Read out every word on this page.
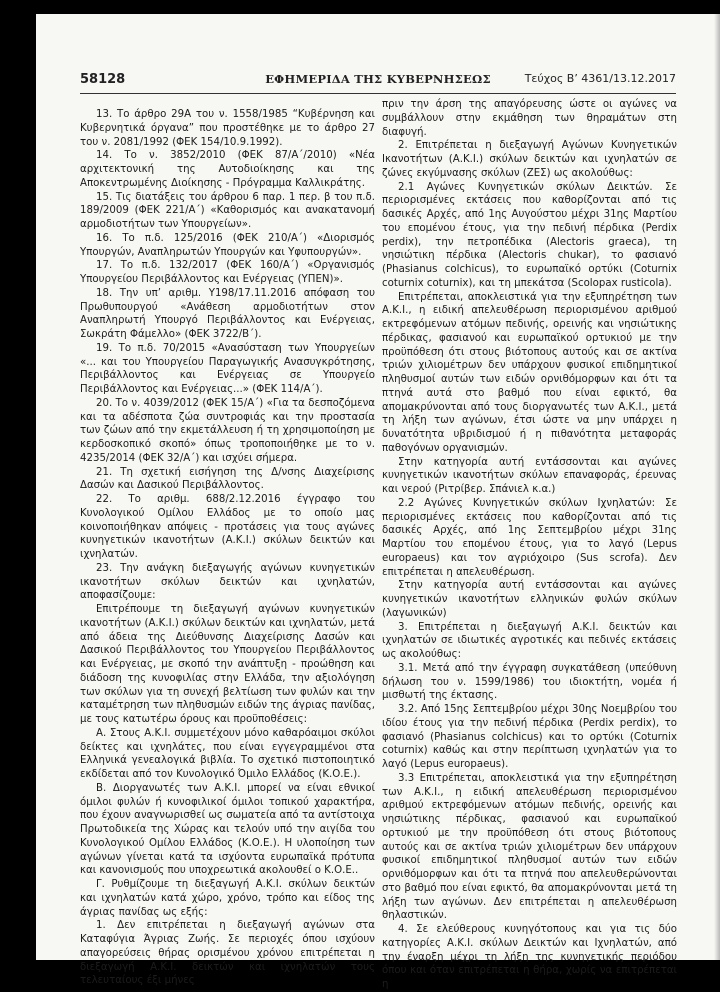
58128	ΕΦΗΜΕΡΙΔΑ ΤΗΣ ΚΥΒΕΡΝΗΣΕΩΣ	Τεύχος Β’ 4361/13.12.2017

13. Το άρθρο 29Α του ν. 1558/1985 “Κυβέρνηση και Κυβερνητικά όργανα” που προστέθηκε με το άρθρο 27 του ν. 2081/1992 (ΦΕΚ 154/10.9.1992).

14. Το ν. 3852/2010 (ΦΕΚ 87/Α΄/2010) «Νέα αρχιτεκτονική της Αυτοδιοίκησης και της Αποκεντρωμένης Διοίκησης - Πρόγραμμα Καλλικράτης.

15. Τις διατάξεις του άρθρου 6 παρ. 1 περ. β του π.δ. 189/2009 (ΦΕΚ 221/Α΄) «Καθορισμός και ανακατανομή αρμοδιοτήτων των Υπουργείων».

16. Το π.δ. 125/2016 (ΦΕΚ 210/Α΄) «Διορισμός Υπουργών, Αναπληρωτών Υπουργών και Υφυπουργών».

17. Το π.δ. 132/2017 (ΦΕΚ 160/Α΄) «Οργανισμός Υπουργείου Περιβάλλοντος και Ενέργειας (ΥΠΕΝ)».

18. Την υπ’ αριθμ. Υ198/17.11.2016 απόφαση του Πρωθυπουργού «Ανάθεση αρμοδιοτήτων στον Αναπληρωτή Υπουργό Περιβάλλοντος και Ενέργειας, Σωκράτη Φάμελλο» (ΦΕΚ 3722/Β΄).

19. Το π.δ. 70/2015 «Ανασύσταση των Υπουργείων «... και του Υπουργείου Παραγωγικής Ανασυγκρότησης, Περιβάλλοντος και Ενέργειας σε Υπουργείο Περιβάλλοντος και Ενέργειας...» (ΦΕΚ 114/Α΄).

20. Το ν. 4039/2012 (ΦΕΚ 15/Α΄) «Για τα δεσποζόμενα και τα αδέσποτα ζώα συντροφιάς και την προστασία των ζώων από την εκμετάλλευση ή τη χρησιμοποίηση με κερδοσκοπικό σκοπό» όπως τροποποιήθηκε με το ν. 4235/2014 (ΦΕΚ 32/Α΄) και ισχύει σήμερα.

21. Τη σχετική εισήγηση της Δ/νσης Διαχείρισης Δασών και Δασικού Περιβάλλοντος.

22. Το αριθμ. 688/2.12.2016 έγγραφο του Κυνολογικού Ομίλου Ελλάδος με το οποίο μας κοινοποιήθηκαν απόψεις - προτάσεις για τους αγώνες κυνηγετικών ικανοτήτων (Α.Κ.Ι.) σκύλων δεικτών και ιχνηλατών.

23. Την ανάγκη διεξαγωγής αγώνων κυνηγετικών ικανοτήτων σκύλων δεικτών και ιχνηλατών, αποφασίζουμε:

Επιτρέπουμε τη διεξαγωγή αγώνων κυνηγετικών ικανοτήτων (Α.Κ.Ι.) σκύλων δεικτών και ιχνηλατών, μετά από άδεια της Διεύθυνσης Διαχείρισης Δασών και Δασικού Περιβάλλοντος του Υπουργείου Περιβάλλοντος και Ενέργειας, με σκοπό την ανάπτυξη - προώθηση και διάδοση της κυνοφιλίας στην Ελλάδα, την αξιολόγηση των σκύλων για τη συνεχή βελτίωση των φυλών και την καταμέτρηση των πληθυσμών ειδών της άγριας πανίδας, με τους κατωτέρω όρους και προϋποθέσεις:

Α. Στους Α.Κ.Ι. συμμετέχουν μόνο καθαρόαιμοι σκύλοι δείκτες και ιχνηλάτες, που είναι εγγεγραμμένοι στα Ελληνικά γενεαλογικά βιβλία. Το σχετικό πιστοποιητικό εκδίδεται από τον Κυνολογικό Όμιλο Ελλάδος (Κ.Ο.Ε.).

Β. Διοργανωτές των Α.Κ.Ι. μπορεί να είναι εθνικοί όμιλοι φυλών ή κυνοφιλικοί όμιλοι τοπικού χαρακτήρα, που έχουν αναγνωρισθεί ως σωματεία από τα αντίστοιχα Πρωτοδικεία της Χώρας και τελούν υπό την αιγίδα του Κυνολογικού Ομίλου Ελλάδος (Κ.Ο.Ε.). Η υλοποίηση των αγώνων γίνεται κατά τα ισχύοντα ευρωπαϊκά πρότυπα και κανονισμούς που υποχρεωτικά ακολουθεί ο Κ.Ο.Ε..

Γ. Ρυθμίζουμε τη διεξαγωγή Α.Κ.Ι. σκύλων δεικτών και ιχνηλατών κατά χώρο, χρόνο, τρόπο και είδος της άγριας πανίδας ως εξής:

1. Δεν επιτρέπεται η διεξαγωγή αγώνων στα Καταφύγια Άγριας Ζωής. Σε περιοχές όπου ισχύουν απαγορεύσεις θήρας ορισμένου χρόνου επιτρέπεται η διεξαγωγή Α.Κ.Ι. δεικτών και ιχνηλατών τους τελευταίους έξι μήνες

πριν την άρση της απαγόρευσης ώστε οι αγώνες να συμβάλλουν στην εκμάθηση των θηραμάτων στη διαφυγή.

2. Επιτρέπεται η διεξαγωγή Αγώνων Κυνηγετικών Ικανοτήτων (Α.Κ.Ι.) σκύλων δεικτών και ιχνηλατών σε ζώνες εκγύμνασης σκύλων (ΖΕΣ) ως ακολούθως:

2.1 Αγώνες Κυνηγετικών σκύλων Δεικτών. Σε περιορισμένες εκτάσεις που καθορίζονται από τις δασικές Αρχές, από 1ης Αυγούστου μέχρι 31ης Μαρτίου του επομένου έτους, για την πεδινή πέρδικα (Perdix perdix), την πετροπέδικα (Alectoris graeca), τη νησιώτικη πέρδικα (Alectoris chukar), το φασιανό (Phasianus colchicus), το ευρωπαϊκό ορτύκι (Coturnix coturnix coturnix), και τη μπεκάτσα (Scolopax rusticola).

Επιτρέπεται, αποκλειστικά για την εξυπηρέτηση των Α.Κ.Ι., η ειδική απελευθέρωση περιορισμένου αριθμού εκτρεφόμενων ατόμων πεδινής, ορεινής και νησιώτικης πέρδικας, φασιανού και ευρωπαϊκού ορτυκιού με την προϋπόθεση ότι στους βιότοπους αυτούς και σε ακτίνα τριών χιλιομέτρων δεν υπάρχουν φυσικοί επιδημητικοί πληθυσμοί αυτών των ειδών ορνιθόμορφων και ότι τα πτηνά αυτά στο βαθμό που είναι εφικτό, θα απομακρύνονται από τους διοργανωτές των Α.Κ.Ι., μετά τη λήξη των αγώνων, έτσι ώστε να μην υπάρχει η δυνατότητα υβριδισμού ή η πιθανότητα μεταφοράς παθογόνων οργανισμών.

Στην κατηγορία αυτή εντάσσονται και αγώνες κυνηγετικών ικανοτήτων σκύλων επαναφοράς, έρευνας και νερού (Ριτρίβερ. Σπάνιελ κ.α.)

2.2 Αγώνες Κυνηγετικών σκύλων Ιχνηλατών: Σε περιορισμένες εκτάσεις που καθορίζονται από τις δασικές Αρχές, από 1ης Σεπτεμβρίου μέχρι 31ης Μαρτίου του επομένου έτους, για το λαγό (Lepus europaeus) και τον αγριόχοιρο (Sus scrofa). Δεν επιτρέπεται η απελευθέρωση.

Στην κατηγορία αυτή εντάσσονται και αγώνες κυνηγετικών ικανοτήτων ελληνικών φυλών σκύλων (λαγωνικών)

3. Επιτρέπεται η διεξαγωγή Α.Κ.Ι. δεικτών και ιχνηλατών σε ιδιωτικές αγροτικές και πεδινές εκτάσεις ως ακολούθως:

3.1. Μετά από την έγγραφη συγκατάθεση (υπεύθυνη δήλωση του ν. 1599/1986) του ιδιοκτήτη, νομέα ή μισθωτή της έκτασης.

3.2. Από 15ης Σεπτεμβρίου μέχρι 30ης Νοεμβρίου του ιδίου έτους για την πεδινή πέρδικα (Perdix perdix), το φασιανό (Phasianus colchicus) και το ορτύκι (Coturnix coturnix) καθώς και στην περίπτωση ιχνηλατών για το λαγό (Lepus europaeus).

3.3 Επιτρέπεται, αποκλειστικά για την εξυπηρέτηση των Α.Κ.Ι., η ειδική απελευθέρωση περιορισμένου αριθμού εκτρεφόμενων ατόμων πεδινής, ορεινής και νησιώτικης πέρδικας, φασιανού και ευρωπαϊκού ορτυκιού με την προϋπόθεση ότι στους βιότοπους αυτούς και σε ακτίνα τριών χιλιομέτρων δεν υπάρχουν φυσικοί επιδημητικοί πληθυσμοί αυτών των ειδών ορνιθόμορφων και ότι τα πτηνά που απελευθερώνονται στο βαθμό που είναι εφικτό, θα απομακρύνονται μετά τη λήξη των αγώνων. Δεν επιτρέπεται η απελευθέρωση θηλαστικών.

4. Σε ελεύθερους κυνηγότοπους και για τις δύο κατηγορίες Α.Κ.Ι. σκύλων Δεικτών και Ιχνηλατών, από την έναρξη μέχρι τη λήξη της κυνηγετικής περιόδου όπου και όταν επιτρέπεται η θήρα, χωρίς να επιτρέπεται η
